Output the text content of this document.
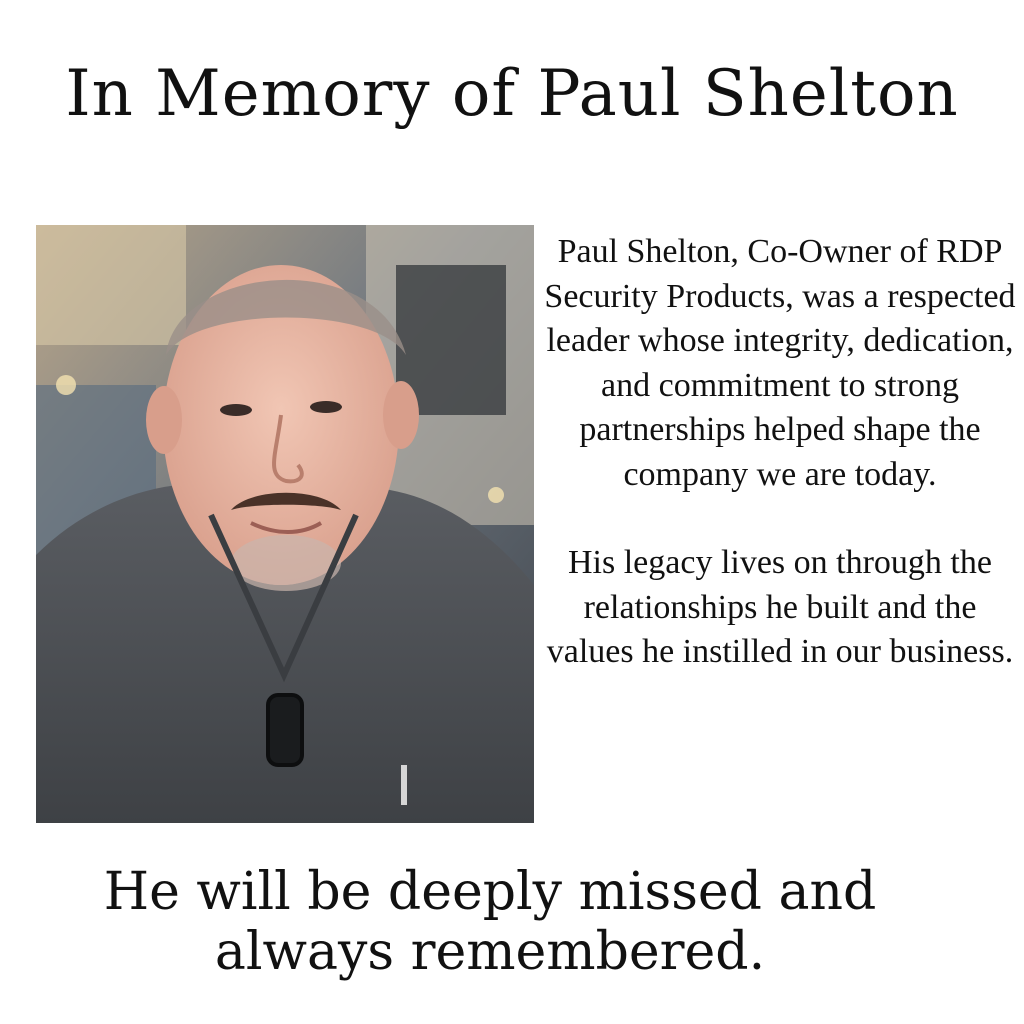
In Memory of Paul Shelton

Paul Shelton, Co-Owner of RDP Security Products, was a respected leader whose integrity, dedication, and commitment to strong partnerships helped shape the company we are today.

His legacy lives on through the relationships he built and the values he instilled in our business.

He will be deeply missed and always remembered.
